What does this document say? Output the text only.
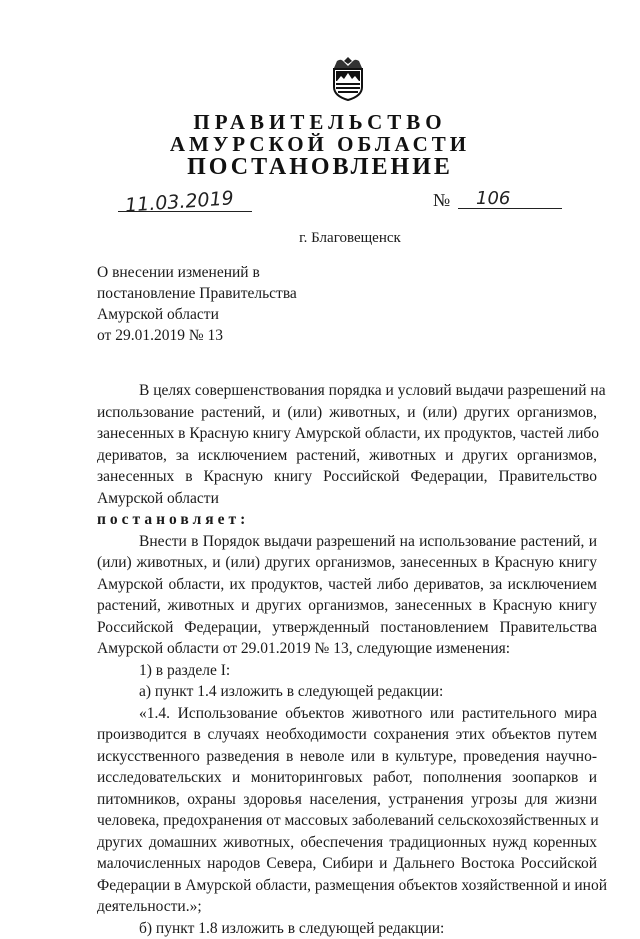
ПРАВИТЕЛЬСТВО
АМУРСКОЙ ОБЛАСТИ
ПОСТАНОВЛЕНИЕ
11.03.2019	№ 106
г. Благовещенск
О внесении изменений в
постановление Правительства
Амурской области
от 29.01.2019 № 13
В целях совершенствования порядка и условий выдачи разрешений на
использование растений, и (или) животных, и (или) других организмов,
занесенных в Красную книгу Амурской области, их продуктов, частей либо
дериватов, за исключением растений, животных и других организмов,
занесенных в Красную книгу Российской Федерации, Правительство
Амурской области
постановляет:
Внести в Порядок выдачи разрешений на использование растений, и
(или) животных, и (или) других организмов, занесенных в Красную книгу
Амурской области, их продуктов, частей либо дериватов, за исключением
растений, животных и других организмов, занесенных в Красную книгу
Российской Федерации, утвержденный постановлением Правительства
Амурской области от 29.01.2019 № 13, следующие изменения:
1) в разделе I:
а) пункт 1.4 изложить в следующей редакции:
«1.4. Использование объектов животного или растительного мира
производится в случаях необходимости сохранения этих объектов путем
искусственного разведения в неволе или в культуре, проведения научно-
исследовательских и мониторинговых работ, пополнения зоопарков и
питомников, охраны здоровья населения, устранения угрозы для жизни
человека, предохранения от массовых заболеваний сельскохозяйственных и
других домашних животных, обеспечения традиционных нужд коренных
малочисленных народов Севера, Сибири и Дальнего Востока Российской
Федерации в Амурской области, размещения объектов хозяйственной и иной
деятельности.»;
б) пункт 1.8 изложить в следующей редакции:
